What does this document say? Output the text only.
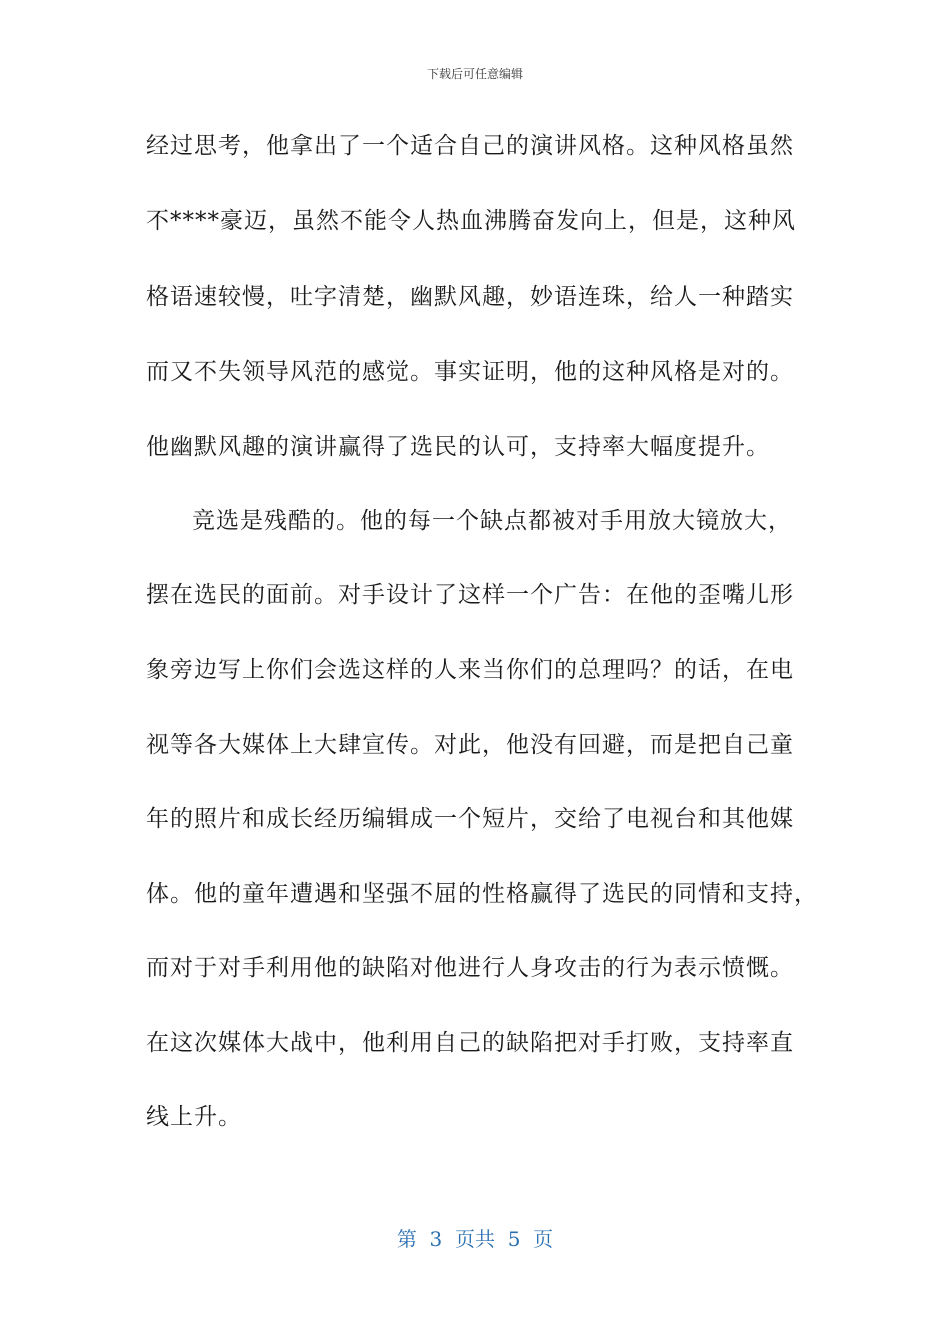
下载后可任意编辑
经过思考，他拿出了一个适合自己的演讲风格。这种风格虽然
不****豪迈，虽然不能令人热血沸腾奋发向上，但是，这种风
格语速较慢，吐字清楚，幽默风趣，妙语连珠，给人一种踏实
而又不失领导风范的感觉。事实证明，他的这种风格是对的。
他幽默风趣的演讲赢得了选民的认可，支持率大幅度提升。
竞选是残酷的。他的每一个缺点都被对手用放大镜放大，
摆在选民的面前。对手设计了这样一个广告：在他的歪嘴儿形
象旁边写上你们会选这样的人来当你们的总理吗？的话，在电
视等各大媒体上大肆宣传。对此，他没有回避，而是把自己童
年的照片和成长经历编辑成一个短片，交给了电视台和其他媒
体。他的童年遭遇和坚强不屈的性格赢得了选民的同情和支持，
而对于对手利用他的缺陷对他进行人身攻击的行为表示愤慨。
在这次媒体大战中，他利用自己的缺陷把对手打败，支持率直
线上升。
第  3  页共  5  页
